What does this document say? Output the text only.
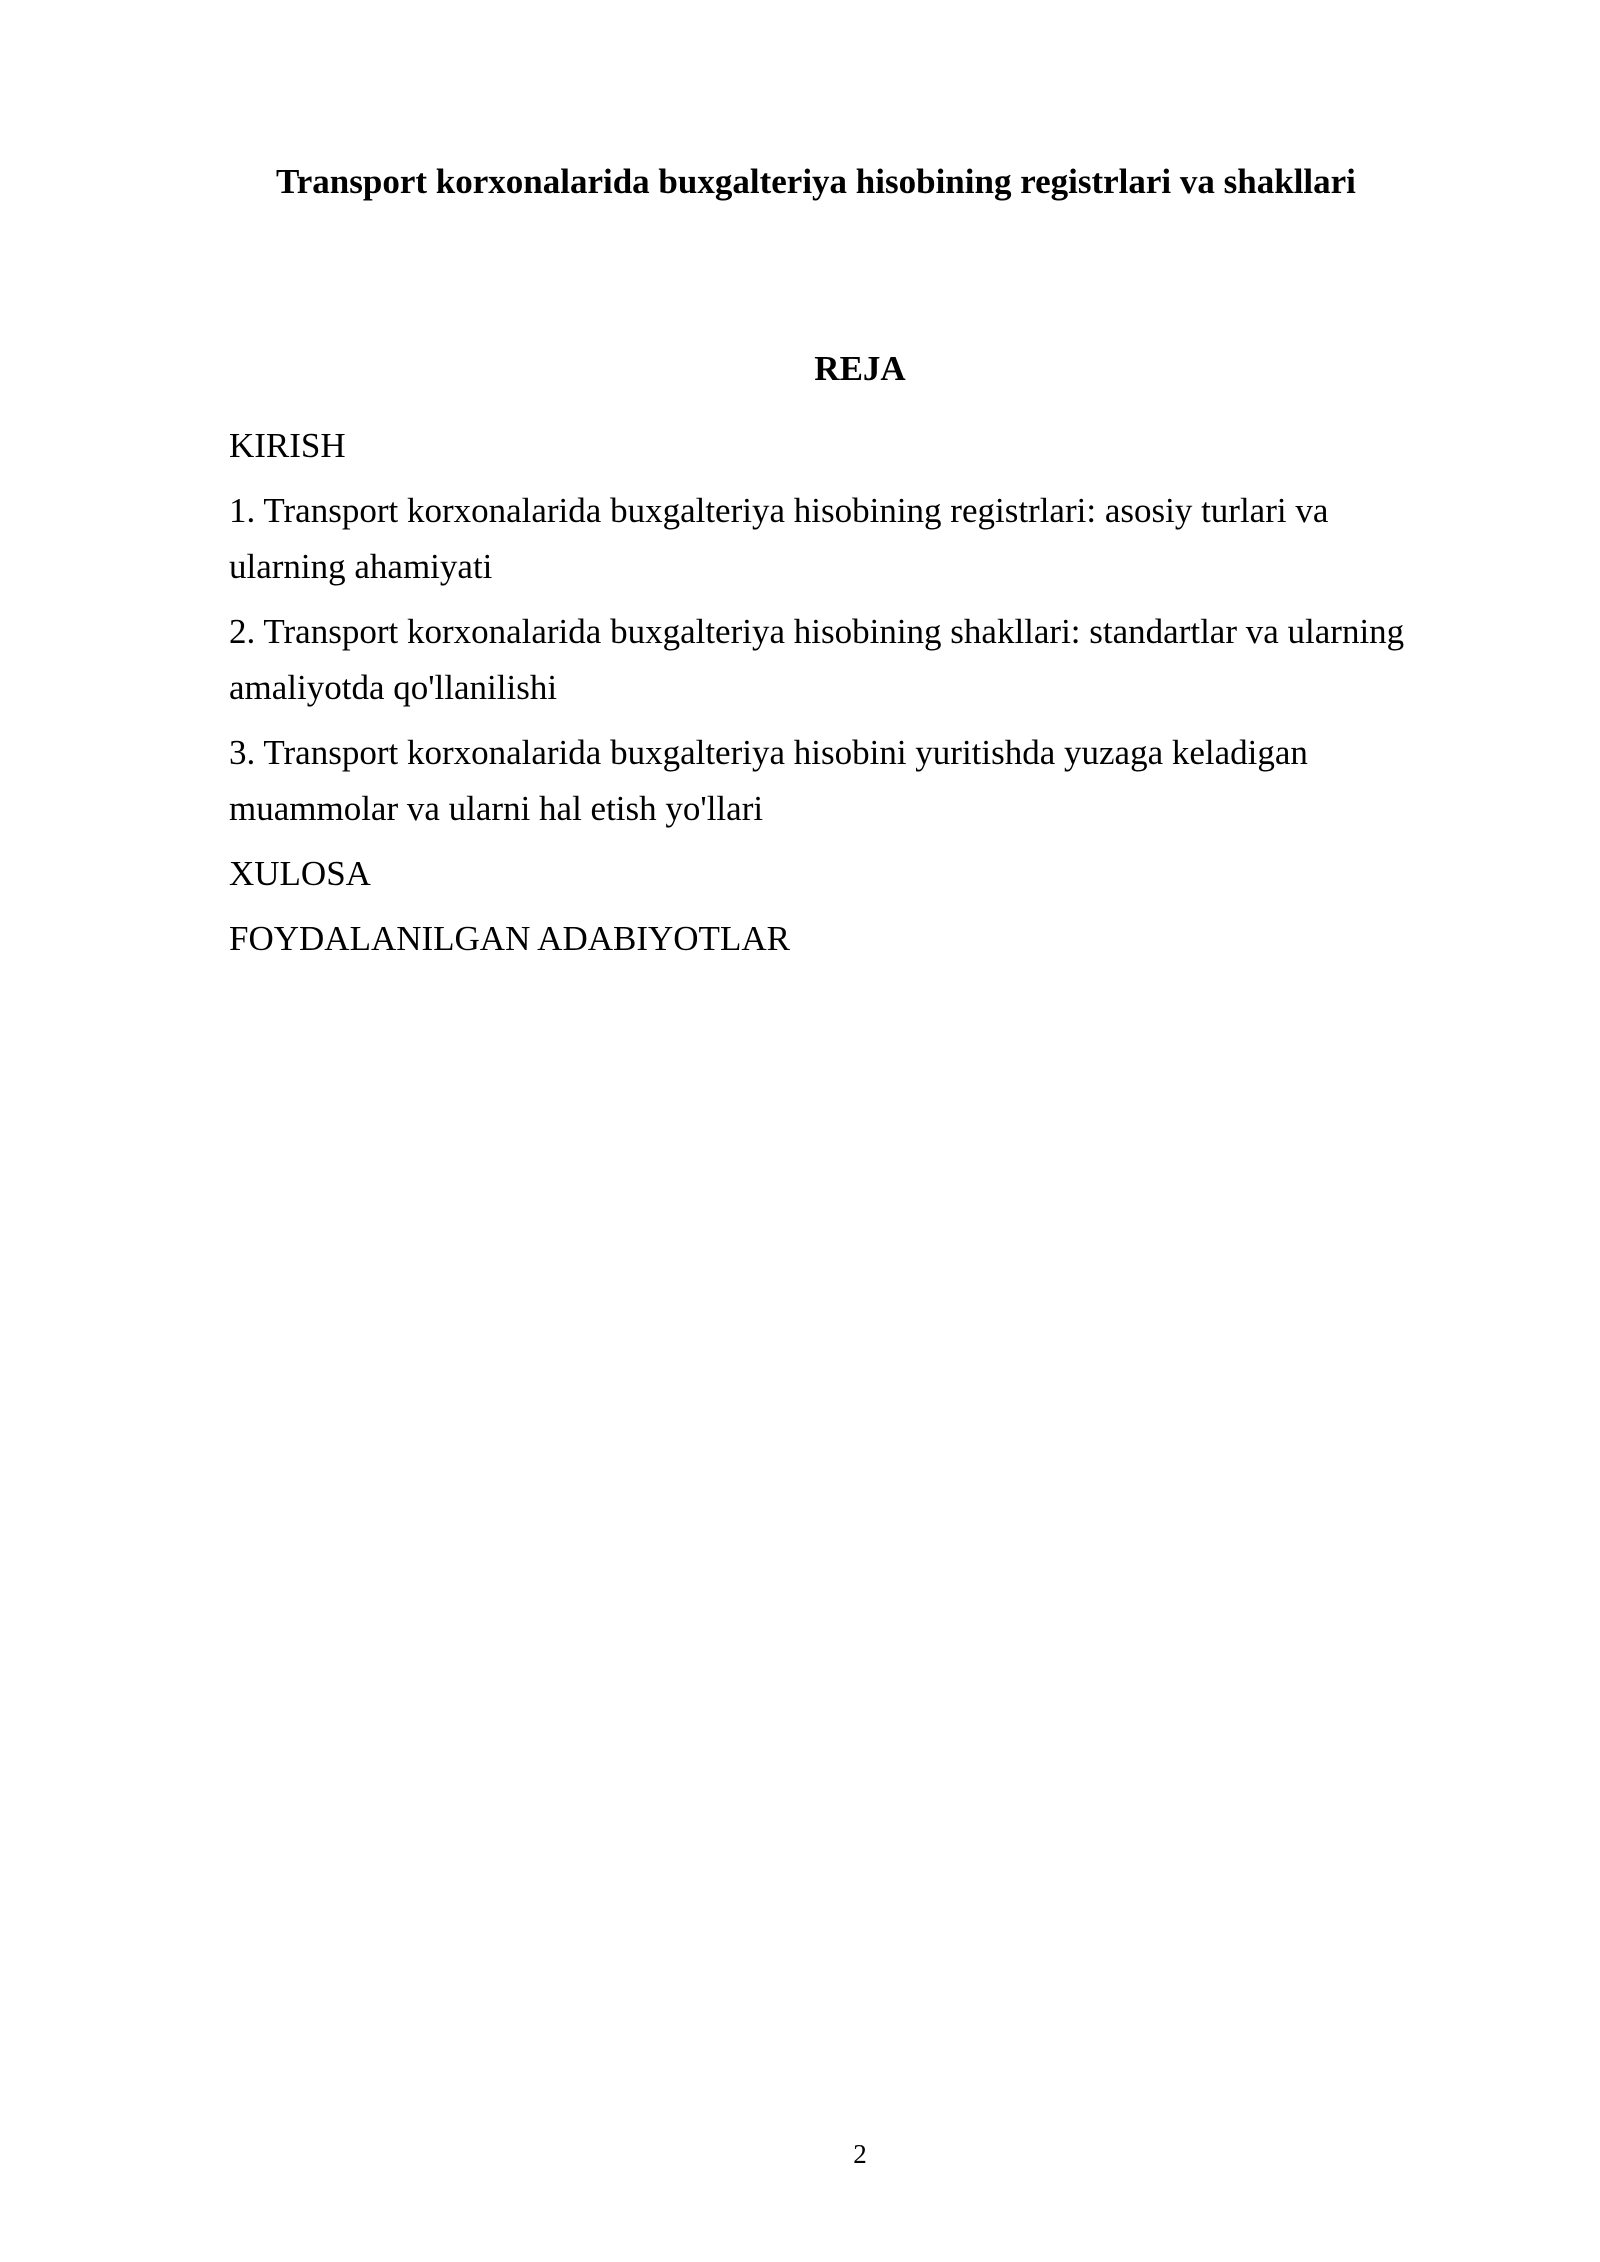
Transport korxonalarida buxgalteriya hisobining registrlari va shakllari
REJA
KIRISH
1. Transport korxonalarida buxgalteriya hisobining registrlari: asosiy turlari va ularning ahamiyati
2. Transport korxonalarida buxgalteriya hisobining shakllari: standartlar va ularning amaliyotda qo'llanilishi
3. Transport korxonalarida buxgalteriya hisobini yuritishda yuzaga keladigan muammolar va ularni hal etish yo'llari
XULOSA
FOYDALANILGAN ADABIYOTLAR
2
